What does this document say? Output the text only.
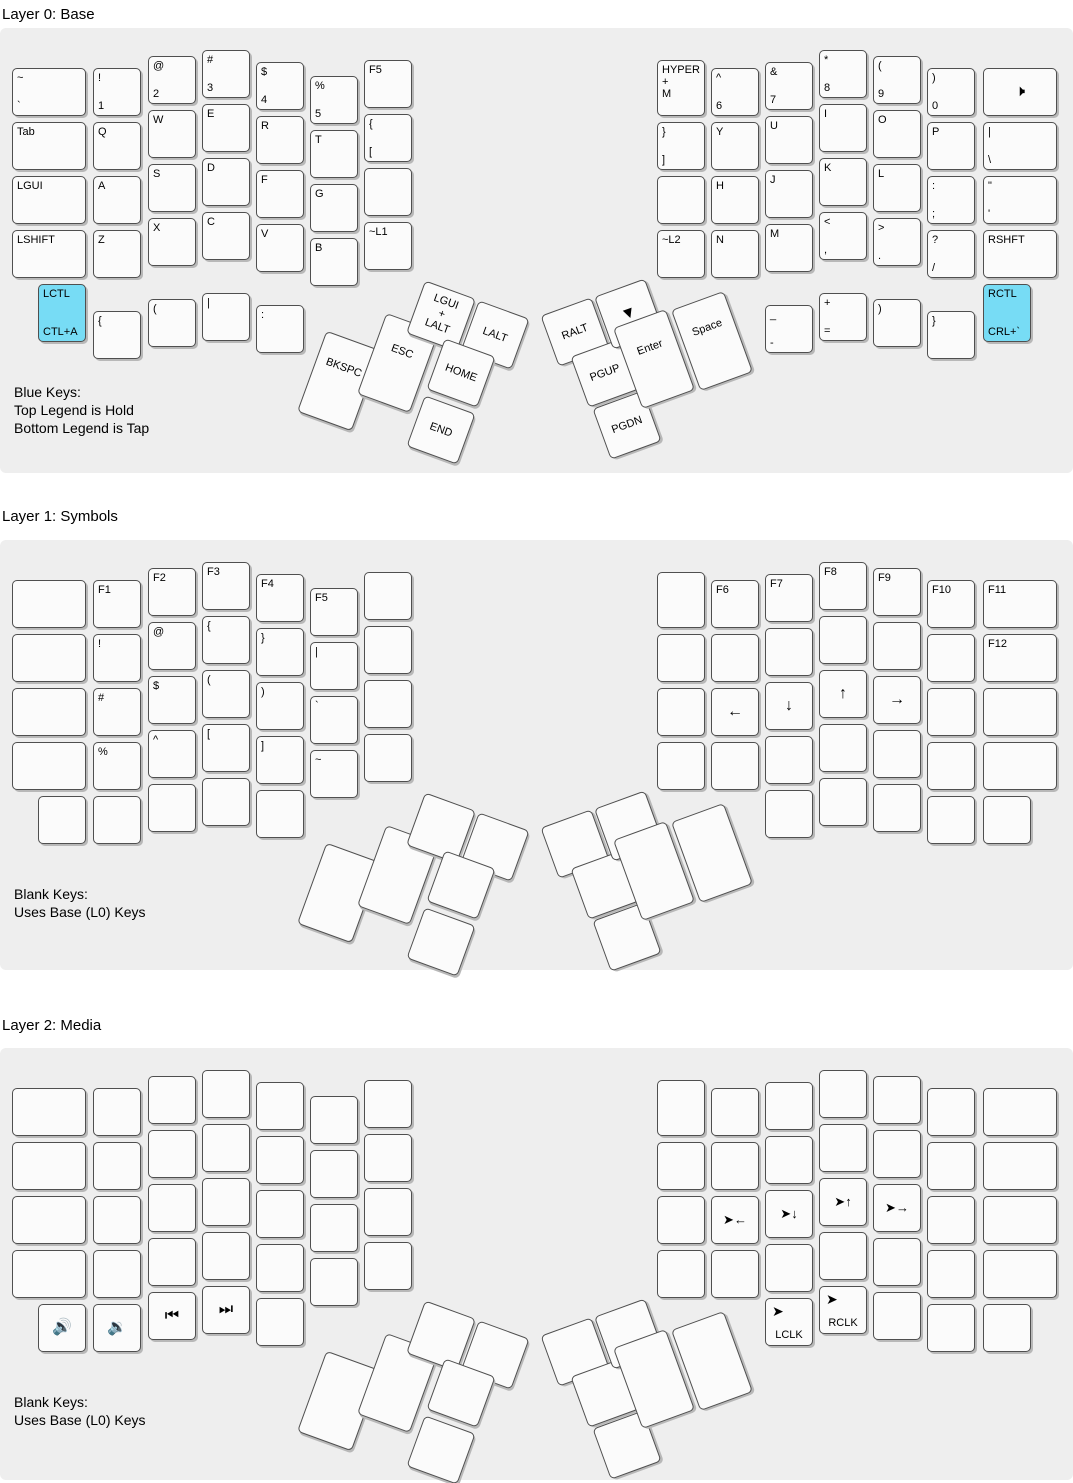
Layer 0: Base
~
`
Tab
LGUI
LSHIFT
LCTL
CTL+A
!
1
Q
A
Z
{
@
2
W
S
X
(
#
3
E
D
C
|
$
4
R
F
V
:
%
5
T
G
B
F5
{
[
~L1
BKSPC
ESC
LGUI
+
LALT	LALT
HOME
END
RALT
PGUP
PGDN
▼
Enter
Space
HYPER
+
M
}
]
~L2
^
6
Y
H
N
&
7
U
J
M
_
-
*
8
I
K
<
,
+
=
(
9
O
L
>
.
)
)
0
P
:
;
?
/
}
🕨
|
\
"
'
RSHFT
RCTL
CRL+`
Blue Keys:
Top Legend is Hold
Bottom Legend is Tap
Layer 1: Symbols
F1
!
#
%
F2
@
$
^
F3
{
(
[
F4
}
)
]
F5
|
`
~
F6
←
F7
↓
F8
↑
F9
→
F10	F11
F12
Blank Keys:
Uses Base (L0) Keys
Layer 2: Media
🔊	🔉
⏮	⏭
➤←	➤↓
➤
LCLK
➤↑
➤
RCLK
➤→
Blank Keys:
Uses Base (L0) Keys
